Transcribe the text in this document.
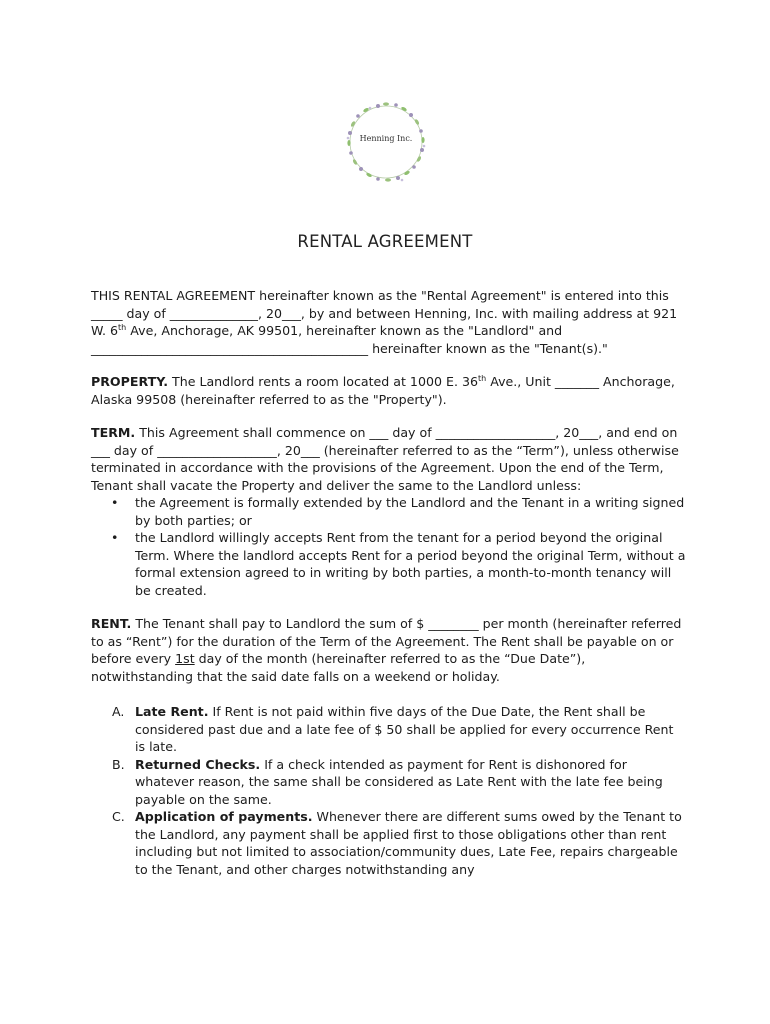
Henning Inc.
RENTAL AGREEMENT

THIS RENTAL AGREEMENT hereinafter known as the "Rental Agreement" is entered into this _____ day of ______________, 20___, by and between Henning, Inc. with mailing address at 921 W. 6th Ave, Anchorage, AK 99501, hereinafter known as the "Landlord" and ____________________________________________ hereinafter known as the "Tenant(s)."

PROPERTY. The Landlord rents a room located at 1000 E. 36th Ave., Unit _______ Anchorage, Alaska 99508 (hereinafter referred to as the "Property").

TERM. This Agreement shall commence on ___ day of ___________________, 20___, and end on ___ day of ___________________, 20___ (hereinafter referred to as the “Term”), unless otherwise terminated in accordance with the provisions of the Agreement. Upon the end of the Term, Tenant shall vacate the Property and deliver the same to the Landlord unless:
• the Agreement is formally extended by the Landlord and the Tenant in a writing signed by both parties; or
• the Landlord willingly accepts Rent from the tenant for a period beyond the original Term. Where the landlord accepts Rent for a period beyond the original Term, without a formal extension agreed to in writing by both parties, a month-to-month tenancy will be created.

RENT. The Tenant shall pay to Landlord the sum of $ ________ per month (hereinafter referred to as “Rent”) for the duration of the Term of the Agreement. The Rent shall be payable on or before every 1st day of the month (hereinafter referred to as the “Due Date”), notwithstanding that the said date falls on a weekend or holiday.

A. Late Rent. If Rent is not paid within five days of the Due Date, the Rent shall be considered past due and a late fee of $ 50 shall be applied for every occurrence Rent is late.
B. Returned Checks. If a check intended as payment for Rent is dishonored for whatever reason, the same shall be considered as Late Rent with the late fee being payable on the same.
C. Application of payments. Whenever there are different sums owed by the Tenant to the Landlord, any payment shall be applied first to those obligations other than rent including but not limited to association/community dues, Late Fee, repairs chargeable to the Tenant, and other charges notwithstanding any
